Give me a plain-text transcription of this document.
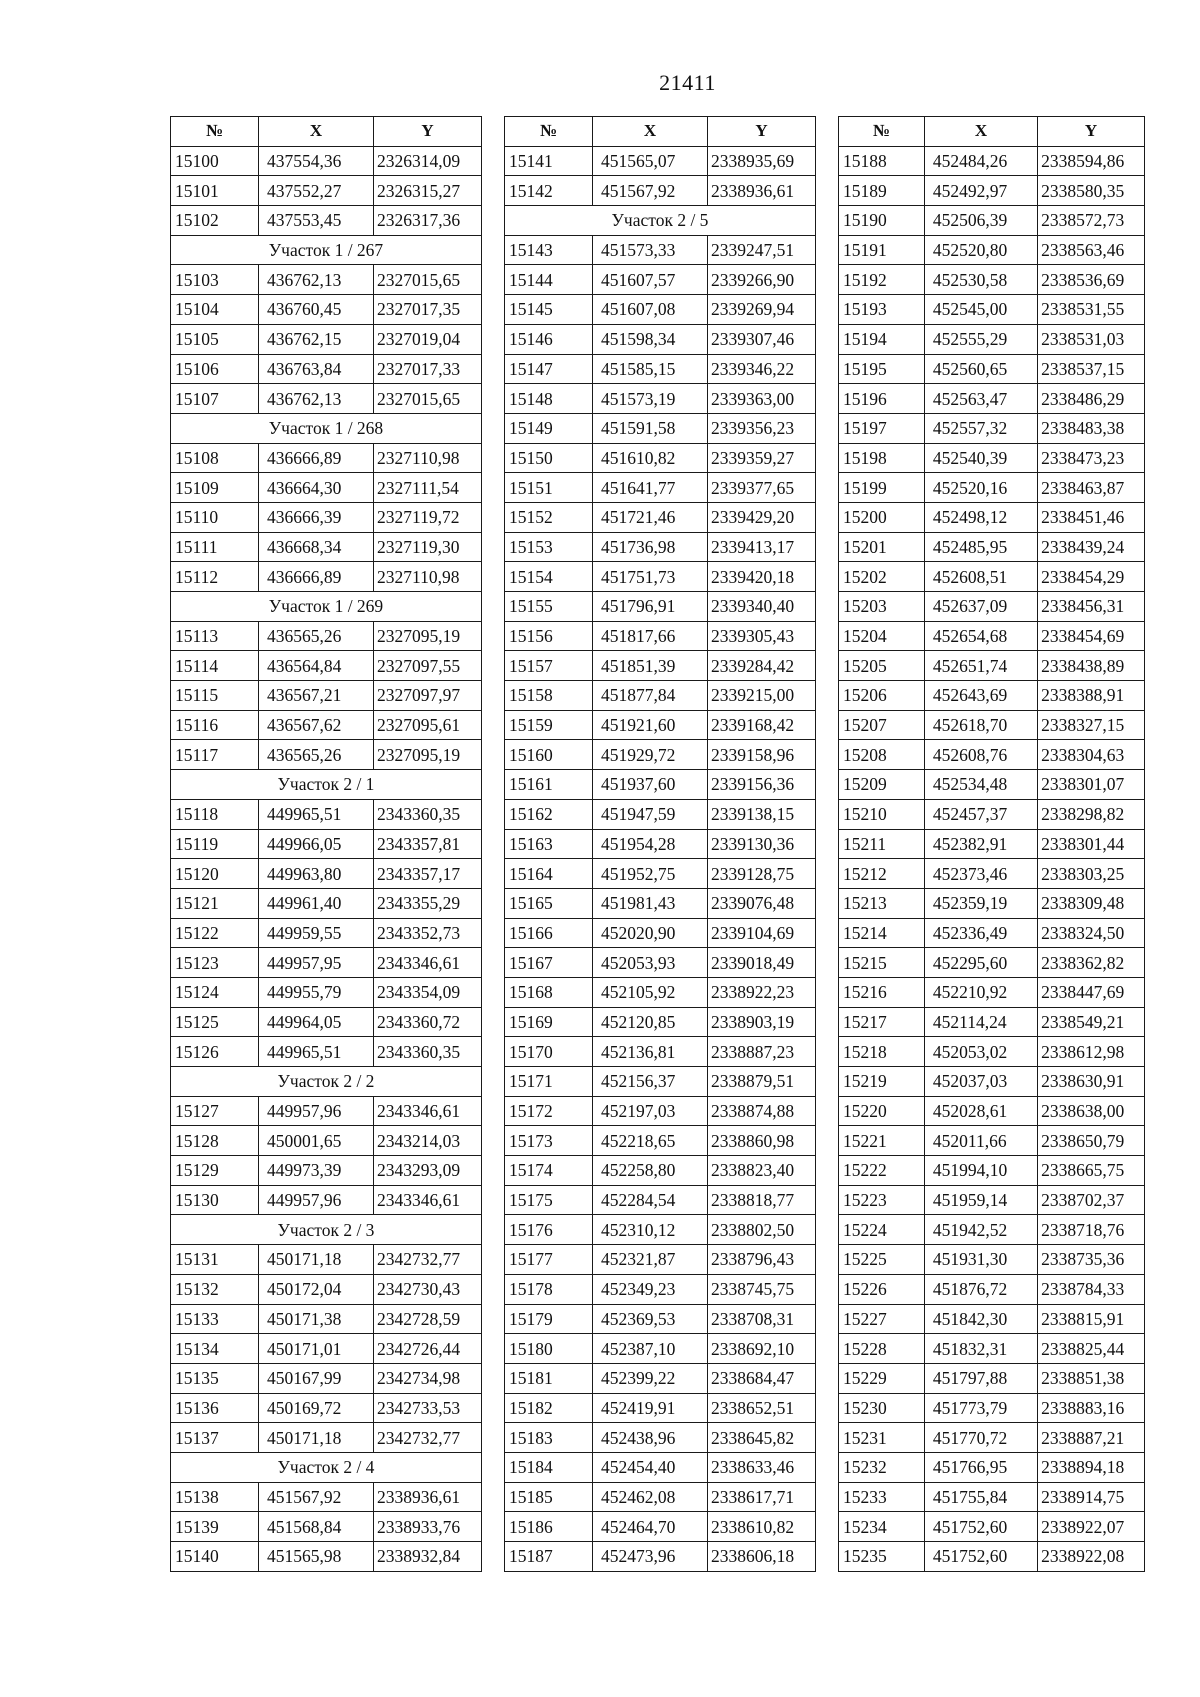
21411
№	X	Y
15100	437554,36	2326314,09
15101	437552,27	2326315,27
15102	437553,45	2326317,36
Участок 1 / 267		
15103	436762,13	2327015,65
15104	436760,45	2327017,35
15105	436762,15	2327019,04
15106	436763,84	2327017,33
15107	436762,13	2327015,65
Участок 1 / 268		
15108	436666,89	2327110,98
15109	436664,30	2327111,54
15110	436666,39	2327119,72
15111	436668,34	2327119,30
15112	436666,89	2327110,98
Участок 1 / 269		
15113	436565,26	2327095,19
15114	436564,84	2327097,55
15115	436567,21	2327097,97
15116	436567,62	2327095,61
15117	436565,26	2327095,19
Участок 2 / 1		
15118	449965,51	2343360,35
15119	449966,05	2343357,81
15120	449963,80	2343357,17
15121	449961,40	2343355,29
15122	449959,55	2343352,73
15123	449957,95	2343346,61
15124	449955,79	2343354,09
15125	449964,05	2343360,72
15126	449965,51	2343360,35
Участок 2 / 2		
15127	449957,96	2343346,61
15128	450001,65	2343214,03
15129	449973,39	2343293,09
15130	449957,96	2343346,61
Участок 2 / 3		
15131	450171,18	2342732,77
15132	450172,04	2342730,43
15133	450171,38	2342728,59
15134	450171,01	2342726,44
15135	450167,99	2342734,98
15136	450169,72	2342733,53
15137	450171,18	2342732,77
Участок 2 / 4		
15138	451567,92	2338936,61
15139	451568,84	2338933,76
15140	451565,98	2338932,84
№	X	Y
15141	451565,07	2338935,69
15142	451567,92	2338936,61
Участок 2 / 5		
15143	451573,33	2339247,51
15144	451607,57	2339266,90
15145	451607,08	2339269,94
15146	451598,34	2339307,46
15147	451585,15	2339346,22
15148	451573,19	2339363,00
15149	451591,58	2339356,23
15150	451610,82	2339359,27
15151	451641,77	2339377,65
15152	451721,46	2339429,20
15153	451736,98	2339413,17
15154	451751,73	2339420,18
15155	451796,91	2339340,40
15156	451817,66	2339305,43
15157	451851,39	2339284,42
15158	451877,84	2339215,00
15159	451921,60	2339168,42
15160	451929,72	2339158,96
15161	451937,60	2339156,36
15162	451947,59	2339138,15
15163	451954,28	2339130,36
15164	451952,75	2339128,75
15165	451981,43	2339076,48
15166	452020,90	2339104,69
15167	452053,93	2339018,49
15168	452105,92	2338922,23
15169	452120,85	2338903,19
15170	452136,81	2338887,23
15171	452156,37	2338879,51
15172	452197,03	2338874,88
15173	452218,65	2338860,98
15174	452258,80	2338823,40
15175	452284,54	2338818,77
15176	452310,12	2338802,50
15177	452321,87	2338796,43
15178	452349,23	2338745,75
15179	452369,53	2338708,31
15180	452387,10	2338692,10
15181	452399,22	2338684,47
15182	452419,91	2338652,51
15183	452438,96	2338645,82
15184	452454,40	2338633,46
15185	452462,08	2338617,71
15186	452464,70	2338610,82
15187	452473,96	2338606,18
№	X	Y
15188	452484,26	2338594,86
15189	452492,97	2338580,35
15190	452506,39	2338572,73
15191	452520,80	2338563,46
15192	452530,58	2338536,69
15193	452545,00	2338531,55
15194	452555,29	2338531,03
15195	452560,65	2338537,15
15196	452563,47	2338486,29
15197	452557,32	2338483,38
15198	452540,39	2338473,23
15199	452520,16	2338463,87
15200	452498,12	2338451,46
15201	452485,95	2338439,24
15202	452608,51	2338454,29
15203	452637,09	2338456,31
15204	452654,68	2338454,69
15205	452651,74	2338438,89
15206	452643,69	2338388,91
15207	452618,70	2338327,15
15208	452608,76	2338304,63
15209	452534,48	2338301,07
15210	452457,37	2338298,82
15211	452382,91	2338301,44
15212	452373,46	2338303,25
15213	452359,19	2338309,48
15214	452336,49	2338324,50
15215	452295,60	2338362,82
15216	452210,92	2338447,69
15217	452114,24	2338549,21
15218	452053,02	2338612,98
15219	452037,03	2338630,91
15220	452028,61	2338638,00
15221	452011,66	2338650,79
15222	451994,10	2338665,75
15223	451959,14	2338702,37
15224	451942,52	2338718,76
15225	451931,30	2338735,36
15226	451876,72	2338784,33
15227	451842,30	2338815,91
15228	451832,31	2338825,44
15229	451797,88	2338851,38
15230	451773,79	2338883,16
15231	451770,72	2338887,21
15232	451766,95	2338894,18
15233	451755,84	2338914,75
15234	451752,60	2338922,07
15235	451752,60	2338922,08
